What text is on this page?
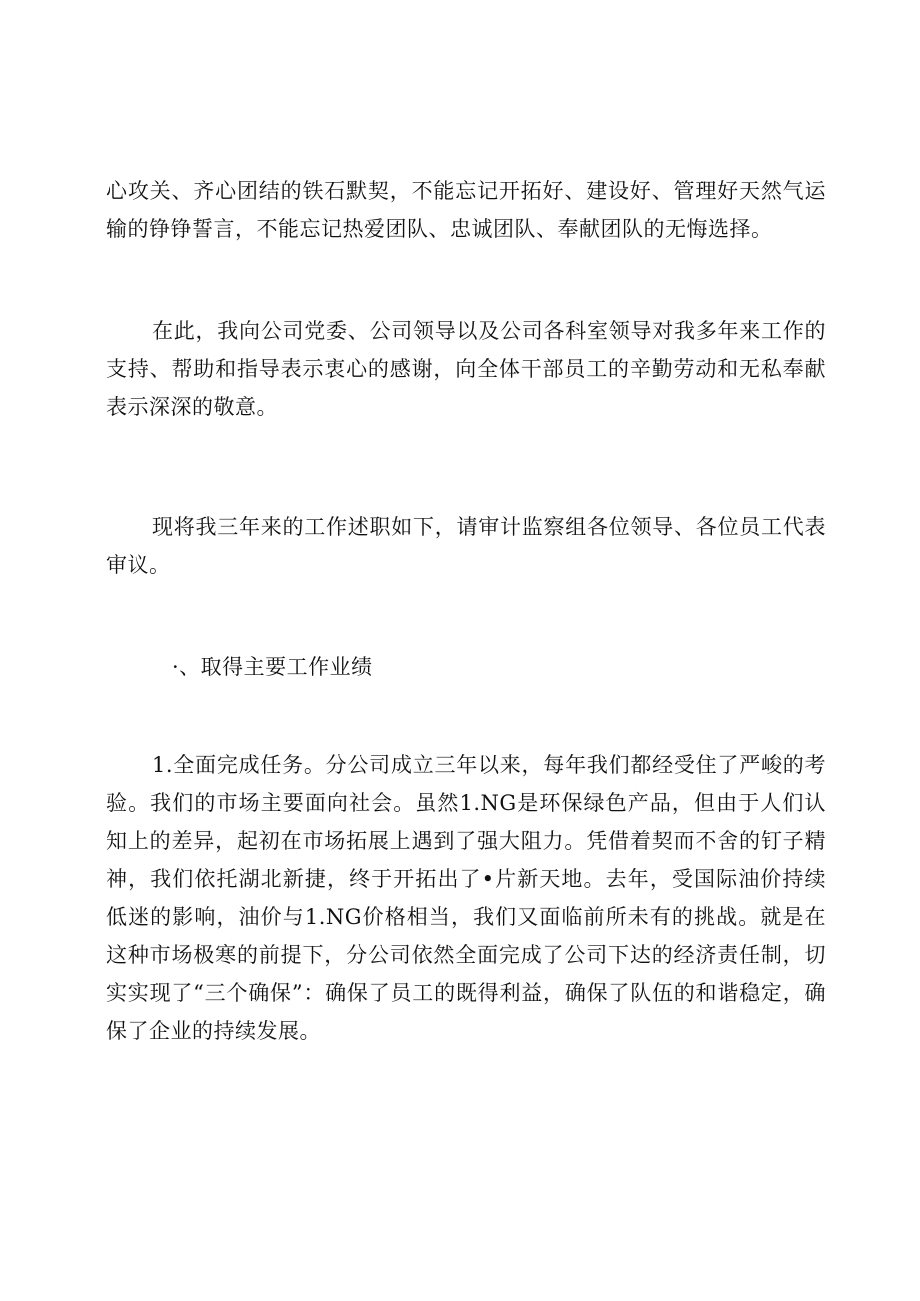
心攻关、齐心团结的铁石默契，不能忘记开拓好、建设好、管理好天然气运输的铮铮誓言，不能忘记热爱团队、忠诚团队、奉献团队的无悔选择。

在此，我向公司党委、公司领导以及公司各科室领导对我多年来工作的支持、帮助和指导表示衷心的感谢，向全体干部员工的辛勤劳动和无私奉献表示深深的敬意。

现将我三年来的工作述职如下，请审计监察组各位领导、各位员工代表审议。

·、取得主要工作业绩

1.全面完成任务。分公司成立三年以来，每年我们都经受住了严峻的考验。我们的市场主要面向社会。虽然1.NG是环保绿色产品，但由于人们认知上的差异，起初在市场拓展上遇到了强大阻力。凭借着契而不舍的钉子精神，我们依托湖北新捷，终于开拓出了•片新天地。去年，受国际油价持续低迷的影响，油价与1.NG价格相当，我们又面临前所未有的挑战。就是在这种市场极寒的前提下，分公司依然全面完成了公司下达的经济责任制，切实实现了“三个确保”：确保了员工的既得利益，确保了队伍的和谐稳定，确保了企业的持续发展。
